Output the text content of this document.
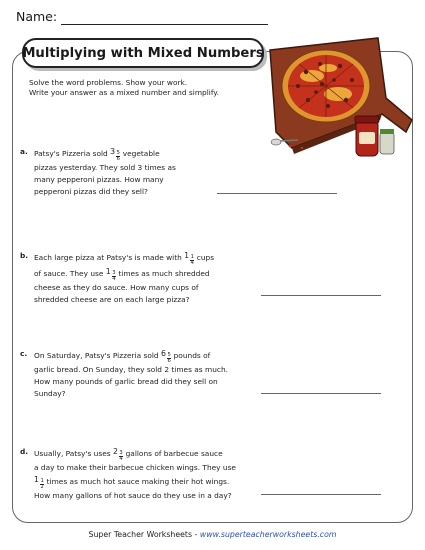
Name:
Multiplying with Mixed Numbers
Solve the word problems. Show your work.
Write your answer as a mixed number and simplify.
a. Patsy's Pizzeria sold $3 \frac{5}{6}$ vegetable
pizzas yesterday. They sold 3 times as
many pepperoni pizzas. How many
pepperoni pizzas did they sell?
b. Each large pizza at Patsy's is made with $1 \frac{1}{4}$ cups
of sauce. They use $1 \frac{3}{4}$ times as much shredded
cheese as they do sauce. How many cups of
shredded cheese are on each large pizza?
c. On Saturday, Patsy's Pizzeria sold $6 \frac{5}{6}$ pounds of
garlic bread. On Sunday, they sold 2 times as much.
How many pounds of garlic bread did they sell on
Sunday?
d. Usually, Patsy's uses $2 \frac{3}{4}$ gallons of barbecue sauce
a day to make their barbecue chicken wings. They use
$1 \frac{1}{2}$ times as much hot sauce making their hot wings.
How many gallons of hot sauce do they use in a day?
Super Teacher Worksheets - www.superteacherworksheets.com
